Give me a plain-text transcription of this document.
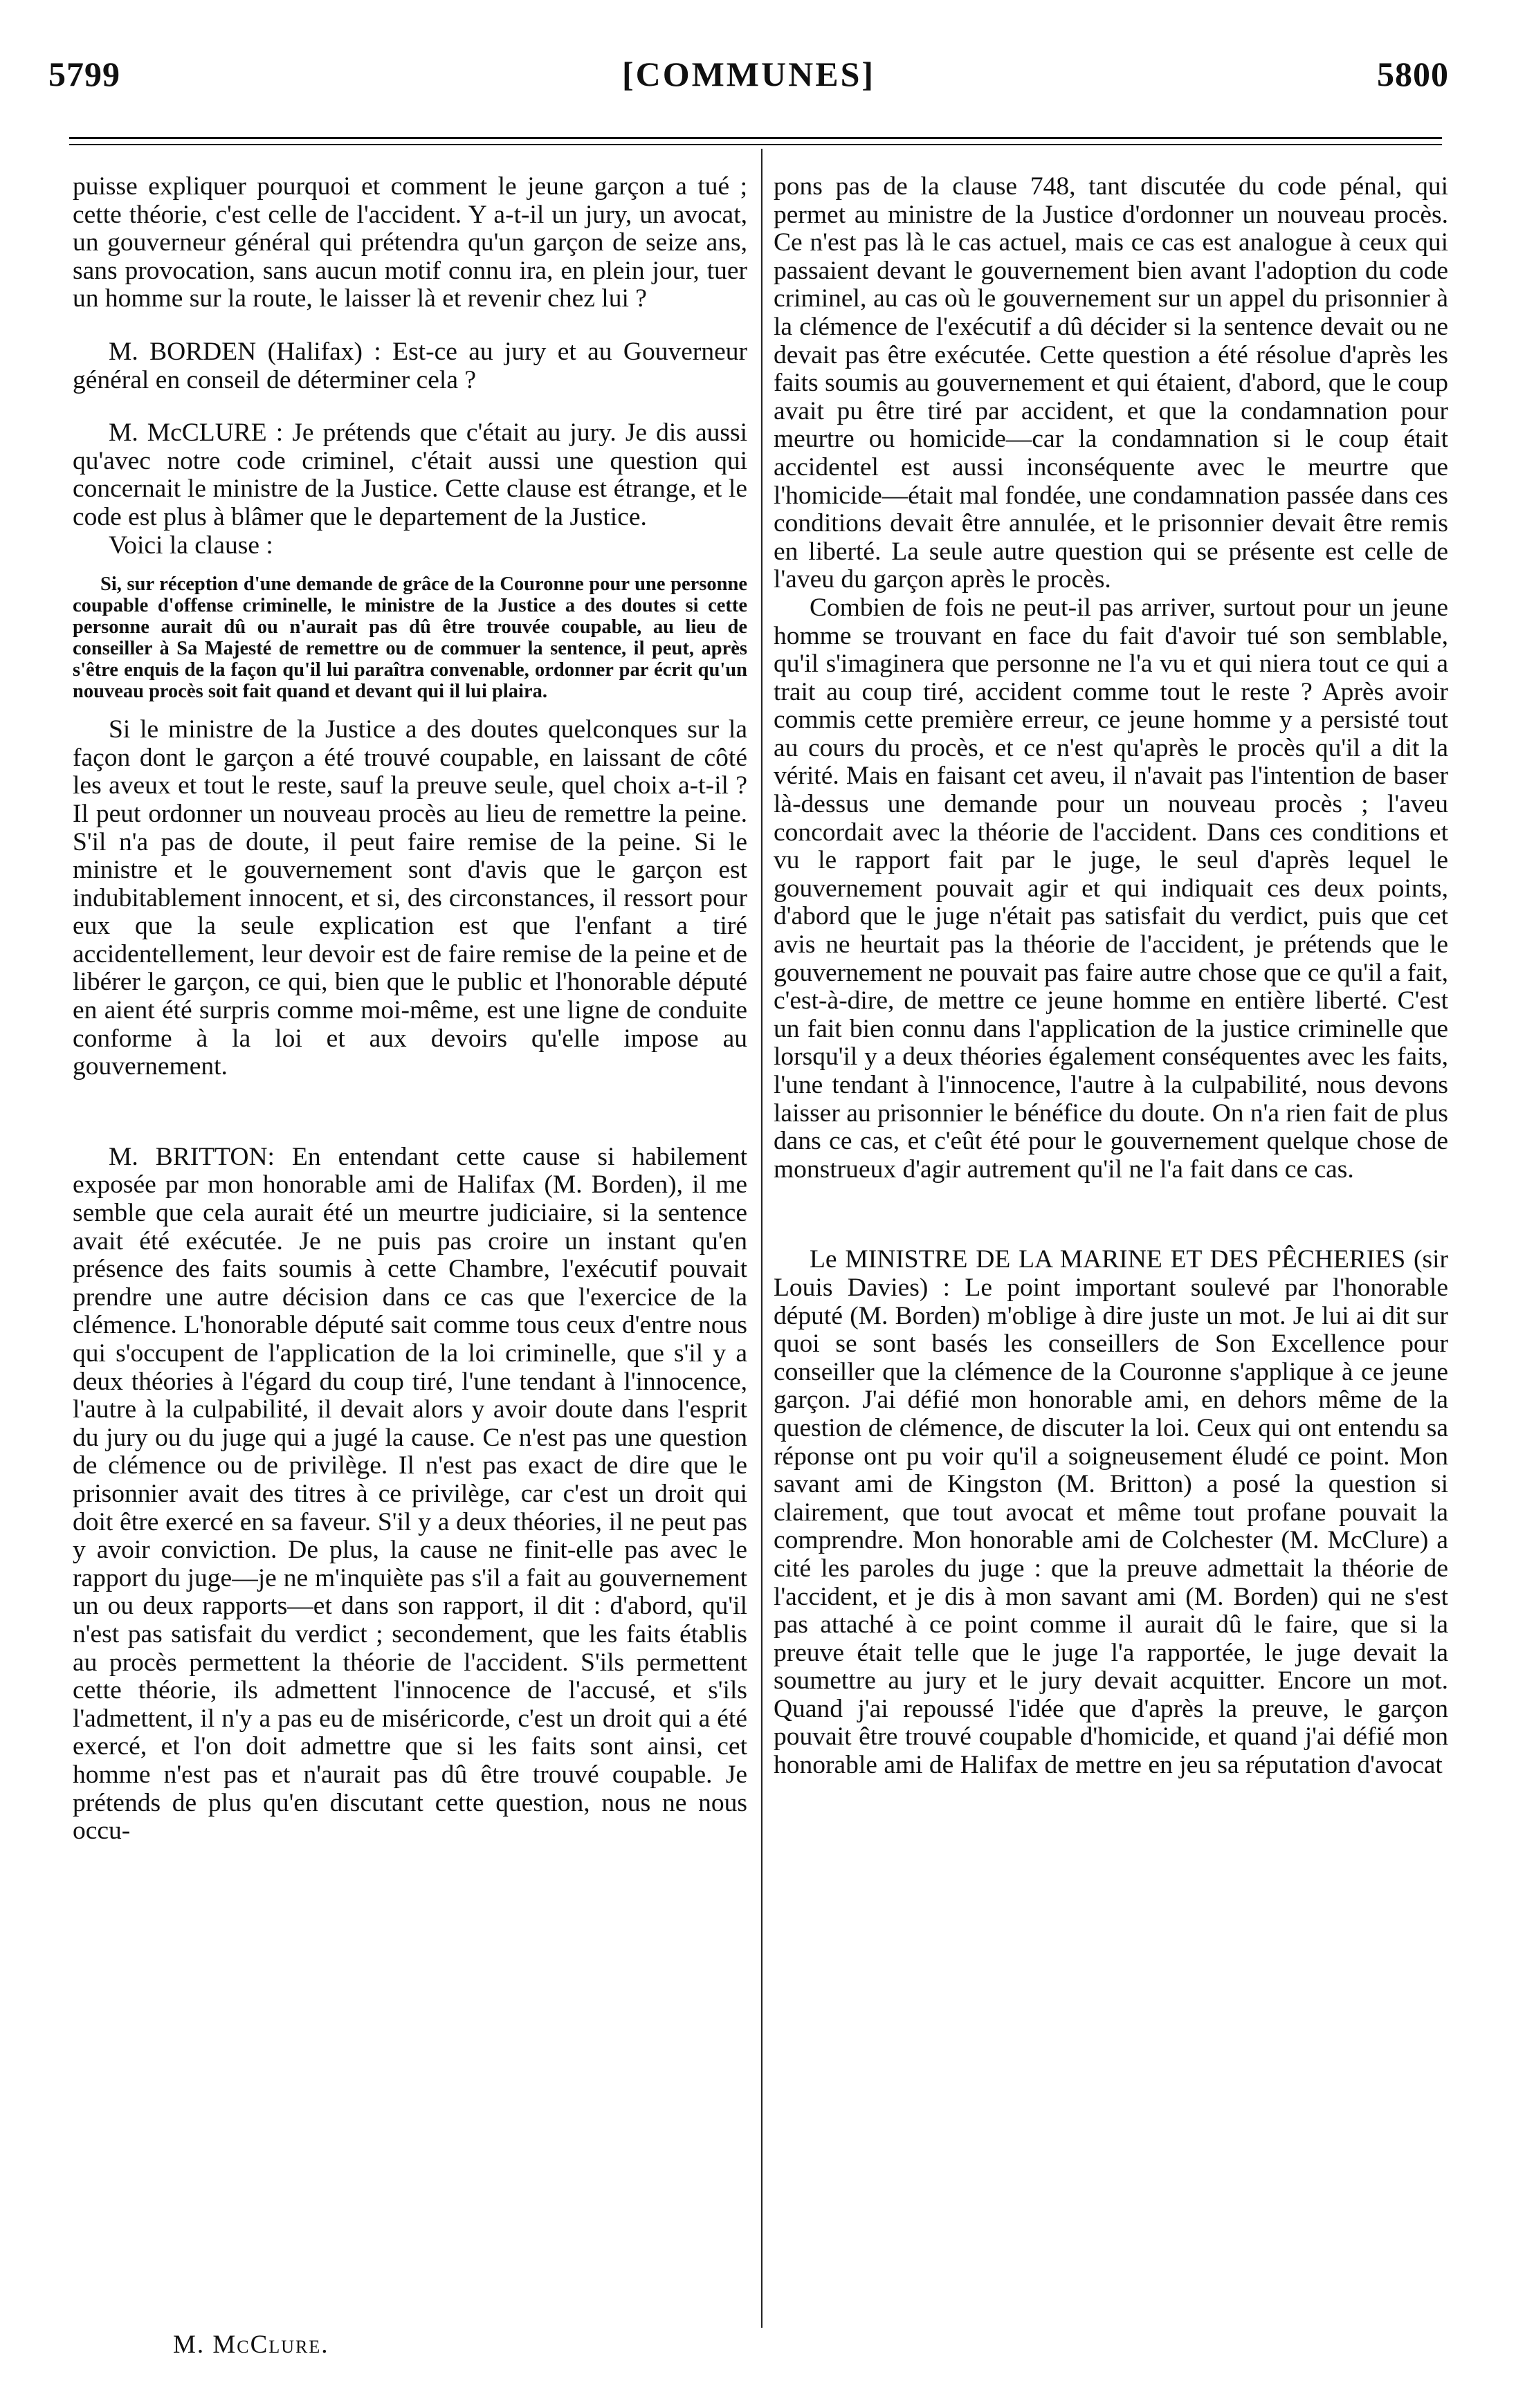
5799	[COMMUNES]	5800

puisse expliquer pourquoi et comment le jeune garçon a tué ; cette théorie, c'est celle de l'accident. Y a-t-il un jury, un avocat, un gouverneur général qui prétendra qu'un garçon de seize ans, sans provocation, sans aucun motif connu ira, en plein jour, tuer un homme sur la route, le laisser là et revenir chez lui ?

M. BORDEN (Halifax) : Est-ce au jury et au Gouverneur général en conseil de déterminer cela ?

M. McCLURE : Je prétends que c'était au jury. Je dis aussi qu'avec notre code criminel, c'était aussi une question qui concernait le ministre de la Justice. Cette clause est étrange, et le code est plus à blâmer que le departement de la Justice.

Voici la clause :

Si, sur réception d'une demande de grâce de la Couronne pour une personne coupable d'offense criminelle, le ministre de la Justice a des doutes si cette personne aurait dû ou n'aurait pas dû être trouvée coupable, au lieu de conseiller à Sa Majesté de remettre ou de commuer la sentence, il peut, après s'être enquis de la façon qu'il lui paraîtra convenable, ordonner par écrit qu'un nouveau procès soit fait quand et devant qui il lui plaira.

Si le ministre de la Justice a des doutes quelconques sur la façon dont le garçon a été trouvé coupable, en laissant de côté les aveux et tout le reste, sauf la preuve seule, quel choix a-t-il ? Il peut ordonner un nouveau procès au lieu de remettre la peine. S'il n'a pas de doute, il peut faire remise de la peine. Si le ministre et le gouvernement sont d'avis que le garçon est indubitablement innocent, et si, des circonstances, il ressort pour eux que la seule explication est que l'enfant a tiré accidentellement, leur devoir est de faire remise de la peine et de libérer le garçon, ce qui, bien que le public et l'honorable député en aient été surpris comme moi-même, est une ligne de conduite conforme à la loi et aux devoirs qu'elle impose au gouvernement.

M. BRITTON: En entendant cette cause si habilement exposée par mon honorable ami de Halifax (M. Borden), il me semble que cela aurait été un meurtre judiciaire, si la sentence avait été exécutée. Je ne puis pas croire un instant qu'en présence des faits soumis à cette Chambre, l'exécutif pouvait prendre une autre décision dans ce cas que l'exercice de la clémence. L'honorable député sait comme tous ceux d'entre nous qui s'occupent de l'application de la loi criminelle, que s'il y a deux théories à l'égard du coup tiré, l'une tendant à l'innocence, l'autre à la culpabilité, il devait alors y avoir doute dans l'esprit du jury ou du juge qui a jugé la cause. Ce n'est pas une question de clémence ou de privilège. Il n'est pas exact de dire que le prisonnier avait des titres à ce privilège, car c'est un droit qui doit être exercé en sa faveur. S'il y a deux théories, il ne peut pas y avoir conviction. De plus, la cause ne finit-elle pas avec le rapport du juge—je ne m'inquiète pas s'il a fait au gouvernement un ou deux rapports—et dans son rapport, il dit : d'abord, qu'il n'est pas satisfait du verdict ; secondement, que les faits établis au procès permettent la théorie de l'accident. S'ils permettent cette théorie, ils admettent l'innocence de l'accusé, et s'ils l'admettent, il n'y a pas eu de miséricorde, c'est un droit qui a été exercé, et l'on doit admettre que si les faits sont ainsi, cet homme n'est pas et n'aurait pas dû être trouvé coupable. Je prétends de plus qu'en discutant cette question, nous ne nous occu-

pons pas de la clause 748, tant discutée du code pénal, qui permet au ministre de la Justice d'ordonner un nouveau procès. Ce n'est pas là le cas actuel, mais ce cas est analogue à ceux qui passaient devant le gouvernement bien avant l'adoption du code criminel, au cas où le gouvernement sur un appel du prisonnier à la clémence de l'exécutif a dû décider si la sentence devait ou ne devait pas être exécutée. Cette question a été résolue d'après les faits soumis au gouvernement et qui étaient, d'abord, que le coup avait pu être tiré par accident, et que la condamnation pour meurtre ou homicide—car la condamnation si le coup était accidentel est aussi inconséquente avec le meurtre que l'homicide—était mal fondée, une condamnation passée dans ces conditions devait être annulée, et le prisonnier devait être remis en liberté. La seule autre question qui se présente est celle de l'aveu du garçon après le procès.

Combien de fois ne peut-il pas arriver, surtout pour un jeune homme se trouvant en face du fait d'avoir tué son semblable, qu'il s'imaginera que personne ne l'a vu et qui niera tout ce qui a trait au coup tiré, accident comme tout le reste ? Après avoir commis cette première erreur, ce jeune homme y a persisté tout au cours du procès, et ce n'est qu'après le procès qu'il a dit la vérité. Mais en faisant cet aveu, il n'avait pas l'intention de baser là-dessus une demande pour un nouveau procès ; l'aveu concordait avec la théorie de l'accident. Dans ces conditions et vu le rapport fait par le juge, le seul d'après lequel le gouvernement pouvait agir et qui indiquait ces deux points, d'abord que le juge n'était pas satisfait du verdict, puis que cet avis ne heurtait pas la théorie de l'accident, je prétends que le gouvernement ne pouvait pas faire autre chose que ce qu'il a fait, c'est-à-dire, de mettre ce jeune homme en entière liberté. C'est un fait bien connu dans l'application de la justice criminelle que lorsqu'il y a deux théories également conséquentes avec les faits, l'une tendant à l'innocence, l'autre à la culpabilité, nous devons laisser au prisonnier le bénéfice du doute. On n'a rien fait de plus dans ce cas, et c'eût été pour le gouvernement quelque chose de monstrueux d'agir autrement qu'il ne l'a fait dans ce cas.

Le MINISTRE DE LA MARINE ET DES PÊCHERIES (sir Louis Davies) : Le point important soulevé par l'honorable député (M. Borden) m'oblige à dire juste un mot. Je lui ai dit sur quoi se sont basés les conseillers de Son Excellence pour conseiller que la clémence de la Couronne s'applique à ce jeune garçon. J'ai défié mon honorable ami, en dehors même de la question de clémence, de discuter la loi. Ceux qui ont entendu sa réponse ont pu voir qu'il a soigneusement éludé ce point. Mon savant ami de Kingston (M. Britton) a posé la question si clairement, que tout avocat et même tout profane pouvait la comprendre. Mon honorable ami de Colchester (M. McClure) a cité les paroles du juge : que la preuve admettait la théorie de l'accident, et je dis à mon savant ami (M. Borden) qui ne s'est pas attaché à ce point comme il aurait dû le faire, que si la preuve était telle que le juge l'a rapportée, le juge devait la soumettre au jury et le jury devait acquitter. Encore un mot. Quand j'ai repoussé l'idée que d'après la preuve, le garçon pouvait être trouvé coupable d'homicide, et quand j'ai défié mon honorable ami de Halifax de mettre en jeu sa réputation d'avocat

M. McClure.
